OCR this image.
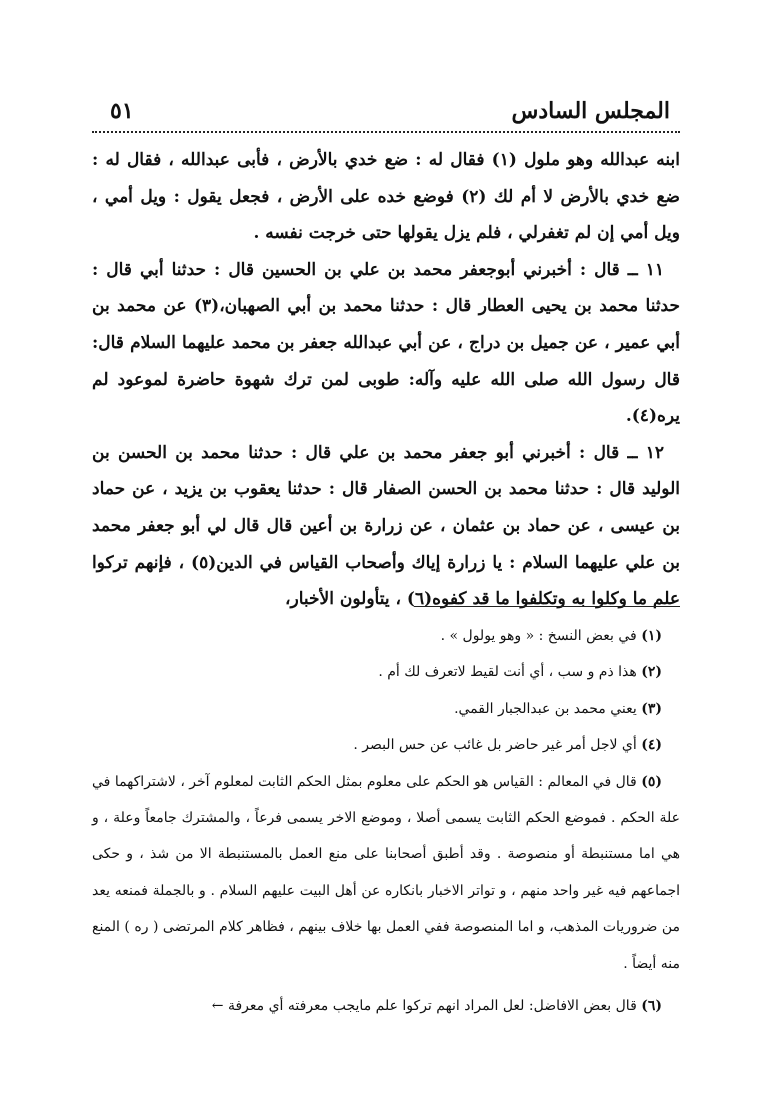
المجلس السادس
٥١

ابنه عبدالله وهو ملول (١) فقال له : ضع خدي بالأرض ، فأبى عبدالله ، فقال له : ضع خدي بالأرض لا أم لك (٢) فوضع خده على الأرض ، فجعل يقول : ويل أمي ، ويل أمي إن لم تغفرلي ، فلم يزل يقولها حتى خرجت نفسه .

١١ ــ قال : أخبرني أبوجعفر محمد بن علي بن الحسين قال : حدثنا أبي قال : حدثنا محمد بن يحيى العطار قال : حدثنا محمد بن أبي الصهبان،(٣) عن محمد بن أبي عمير ، عن جميل بن دراج ، عن أبي عبدالله جعفر بن محمد عليهما السلام قال: قال رسول الله صلى الله عليه وآله: طوبى لمن ترك شهوة حاضرة لموعود لم يره(٤).

١٢ ــ قال : أخبرني أبو جعفر محمد بن علي قال : حدثنا محمد بن الحسن بن الوليد قال : حدثنا محمد بن الحسن الصفار قال : حدثنا يعقوب بن يزيد ، عن حماد بن عيسى ، عن حماد بن عثمان ، عن زرارة بن أعين قال قال لي أبو جعفر محمد بن علي عليهما السلام : يا زرارة إياك وأصحاب القياس في الدين(٥) ، فإنهم تركوا علم ما وكلوا به وتكلفوا ما قد كفوه(٦) ، يتأولون الأخبار،

(١) في بعض النسخ : « وهو يولول » .

(٢) هذا ذم و سب ، أي أنت لقيط لاتعرف لك أم .

(٣) يعني محمد بن عبدالجبار القمي.

(٤) أي لاجل أمر غير حاضر بل غائب عن حس البصر .

(٥) قال في المعالم : القياس هو الحكم على معلوم بمثل الحكم الثابت لمعلوم آخر ، لاشتراكهما في علة الحكم . فموضع الحكم الثابت يسمى أصلا ، وموضع الاخر يسمى فرعاً ، والمشترك جامعاً وعلة ، و هي اما مستنبطة أو منصوصة . وقد أطبق أصحابنا على منع العمل بالمستنبطة الا من شذ ، و حكى اجماعهم فيه غير واحد منهم ، و تواتر الاخبار بانكاره عن أهل البيت عليهم السلام . و بالجملة فمنعه يعد من ضروريات المذهب، و اما المنصوصة ففي العمل بها خلاف بينهم ، فظاهر كلام المرتضى ( ره ) المنع منه أيضاً .

(٦) قال بعض الافاضل: لعل المراد انهم تركوا علم مايجب معرفته أي معرفة ←
